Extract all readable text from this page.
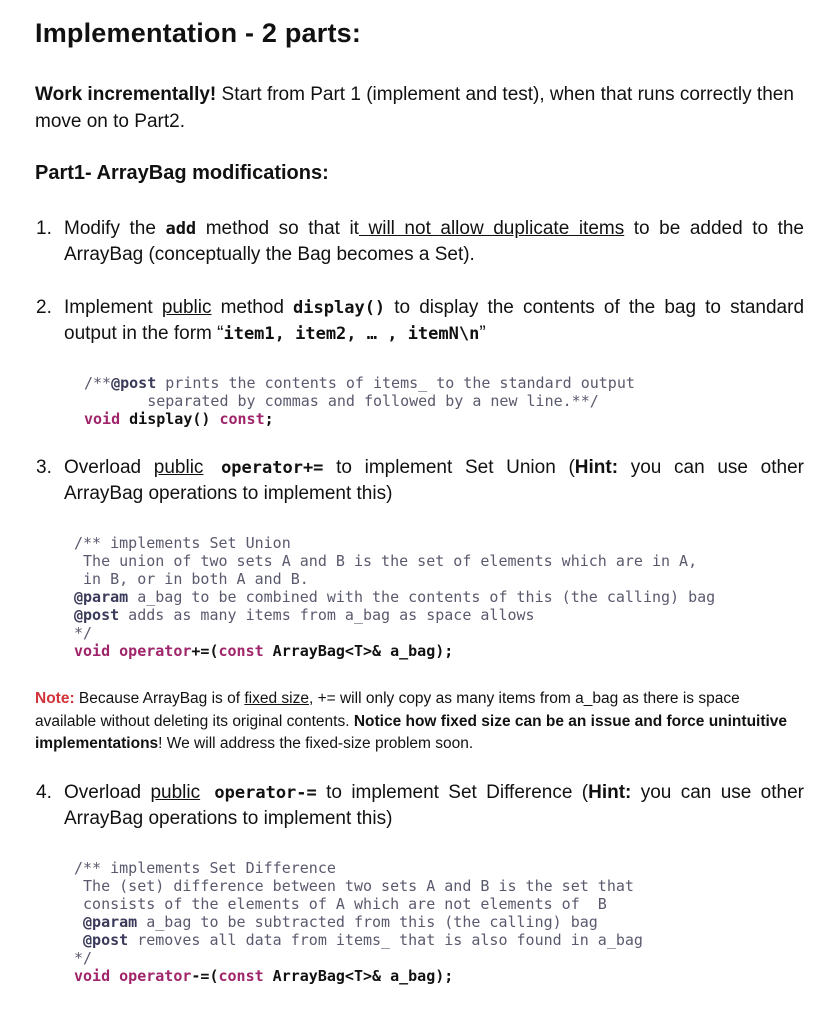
Implementation - 2 parts:

Work incrementally! Start from Part 1 (implement and test), when that runs correctly then move on to Part2.

Part1- ArrayBag modifications:
1. Modify the add method so that it will not allow duplicate items to be added to the ArrayBag (conceptually the Bag becomes a Set).
2. Implement public method display() to display the contents of the bag to standard output in the form “item1, item2, … , itemN\n”
/**@post prints the contents of items_ to the standard output
separated by commas and followed by a new line.**/
void display() const;
3. Overload public operator+= to implement Set Union (Hint: you can use other ArrayBag operations to implement this)
/** implements Set Union
The union of two sets A and B is the set of elements which are in A,
in B, or in both A and B.
@param a_bag to be combined with the contents of this (the calling) bag
@post adds as many items from a_bag as space allows
*/
void operator+=(const ArrayBag<T>& a_bag);

Note: Because ArrayBag is of fixed size, += will only copy as many items from a_bag as there is space available without deleting its original contents. Notice how fixed size can be an issue and force unintuitive implementations! We will address the fixed-size problem soon.

4. Overload public operator-= to implement Set Difference (Hint: you can use other ArrayBag operations to implement this)
/** implements Set Difference
The (set) difference between two sets A and B is the set that
consists of the elements of A which are not elements of  B
@param a_bag to be subtracted from this (the calling) bag
@post removes all data from items_ that is also found in a_bag
*/
void operator-=(const ArrayBag<T>& a_bag);
